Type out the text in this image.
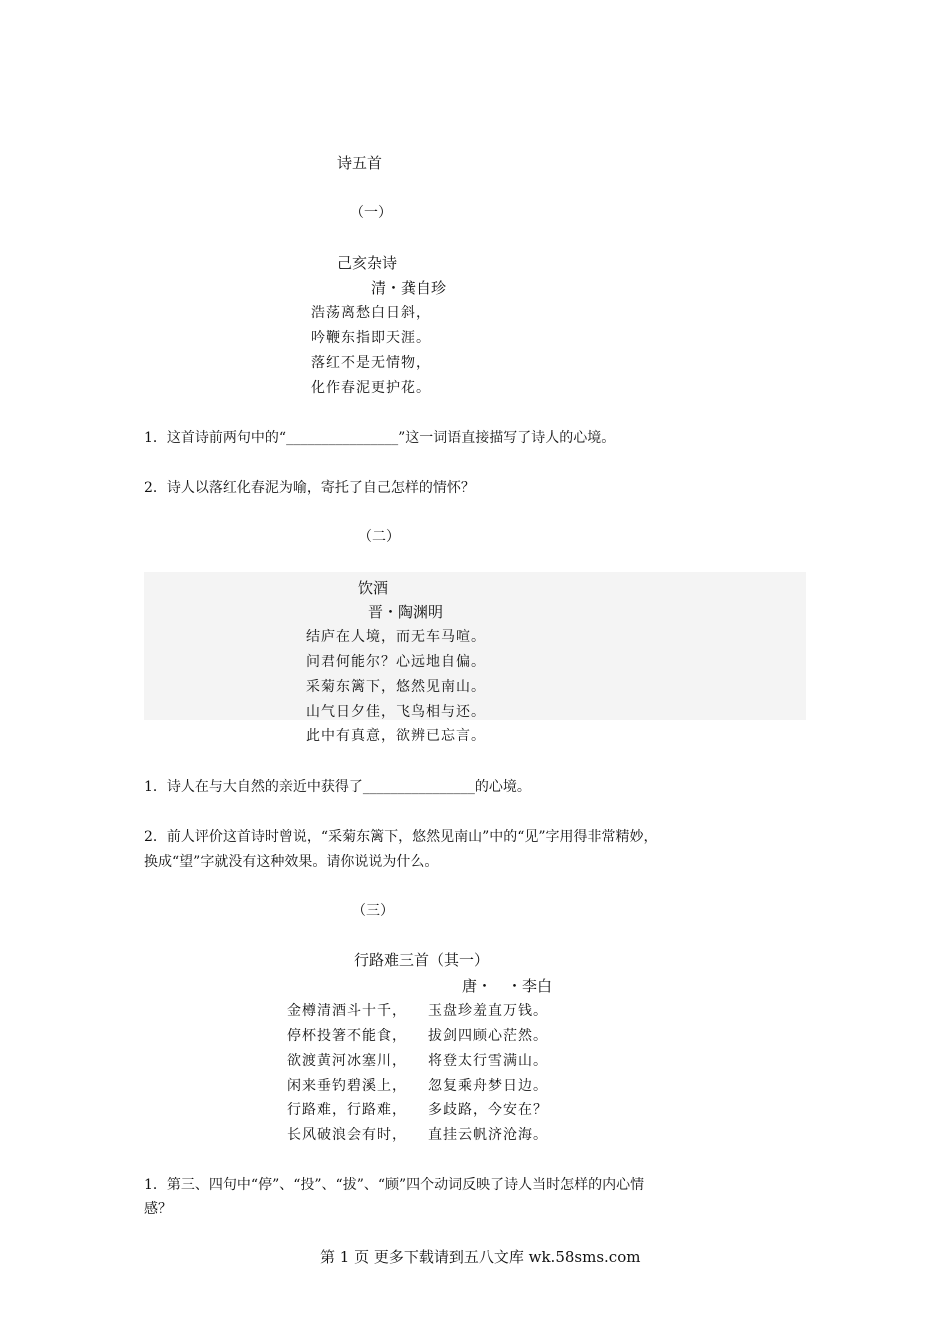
诗五首
（一）
己亥杂诗
清・龚自珍
浩荡离愁白日斜，
吟鞭东指即天涯。
落红不是无情物，
化作春泥更护花。
1．这首诗前两句中的“________________”这一词语直接描写了诗人的心境。
2．诗人以落红化春泥为喻，寄托了自己怎样的情怀？
（二）
饮酒
晋・陶渊明
结庐在人境，而无车马喧。
问君何能尔？心远地自偏。
采菊东篱下，悠然见南山。
山气日夕佳，飞鸟相与还。
此中有真意，欲辨已忘言。
1．诗人在与大自然的亲近中获得了________________的心境。
2．前人评价这首诗时曾说，“采菊东篱下，悠然见南山”中的“见”字用得非常精妙，
换成“望”字就没有这种效果。请你说说为什么。
（三）
行路难三首（其一）
唐・　・李白
金樽清酒斗十千， 玉盘珍羞直万钱。
停杯投箸不能食， 拔剑四顾心茫然。
欲渡黄河冰塞川， 将登太行雪满山。
闲来垂钓碧溪上， 忽复乘舟梦日边。
行路难，行路难， 多歧路，今安在？
长风破浪会有时， 直挂云帆济沧海。
1．第三、四句中“停”、“投”、“拔”、“顾”四个动词反映了诗人当时怎样的内心情
感？
第 1 页 更多下载请到五八文库 wk.58sms.com
